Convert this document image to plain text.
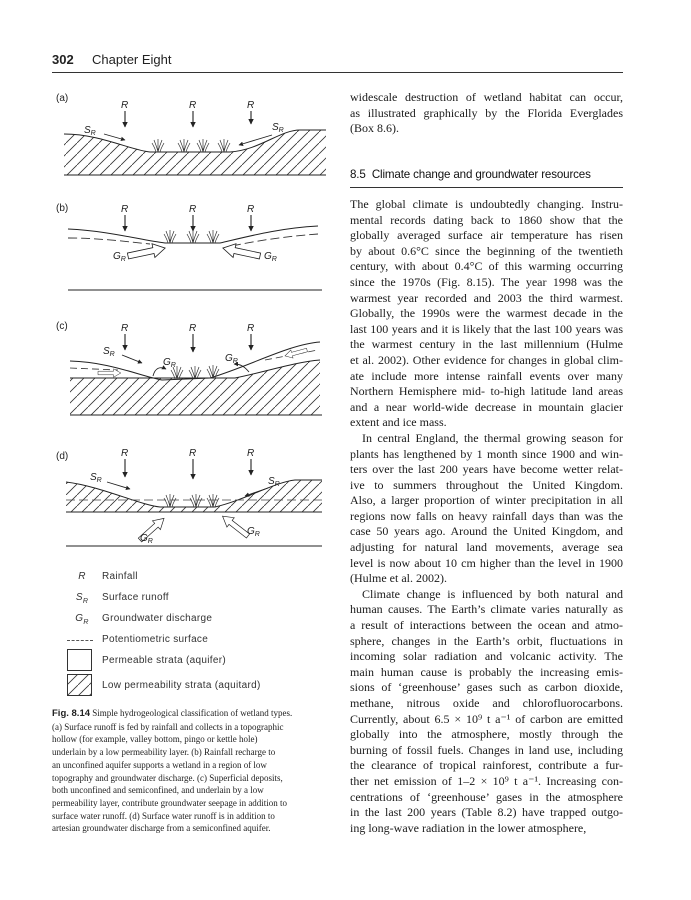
302 Chapter Eight
(a)
(b)
(c)
(d)
R	R	R
R	R	R
R	R	R
R	R	R
$S_R$
$S_R$
$S_R$
$S_R$	$S_R$
$G_R$	$G_R$
$G_R$
$G_R$
$G_R$
$G_R$
R	Rainfall
$S_R$	Surface runoff
$G_R$	Groundwater discharge
Potentiometric surface
Permeable strata (aquifer)
Low permeability strata (aquitard)
Fig. 8.14 Simple hydrogeological classification of wetland types.
(a) Surface runoff is fed by rainfall and collects in a topographic
hollow (for example, valley bottom, pingo or kettle hole)
underlain by a low permeability layer. (b) Rainfall recharge to
an unconfined aquifer supports a wetland in a region of low
topography and groundwater discharge. (c) Superficial deposits,
both unconfined and semiconfined, and underlain by a low
permeability layer, contribute groundwater seepage in addition to
surface water runoff. (d) Surface water runoff is in addition to
artesian groundwater discharge from a semiconfined aquifer.
widescale destruction of wetland habitat can occur,
as illustrated graphically by the Florida Everglades
(Box 8.6).
8.5 Climate change and groundwater resources
The global climate is undoubtedly changing. Instru-
mental records dating back to 1860 show that the
globally averaged surface air temperature has risen
by about 0.6°C since the beginning of the twentieth
century, with about 0.4°C of this warming occurring
since the 1970s (Fig. 8.15). The year 1998 was the
warmest year recorded and 2003 the third warmest.
Globally, the 1990s were the warmest decade in the
last 100 years and it is likely that the last 100 years was
the warmest century in the last millennium (Hulme
et al. 2002). Other evidence for changes in global clim-
ate include more intense rainfall events over many
Northern Hemisphere mid- to-high latitude land areas
and a near world-wide decrease in mountain glacier
extent and ice mass.
In central England, the thermal growing season for
plants has lengthened by 1 month since 1900 and win-
ters over the last 200 years have become wetter relat-
ive to summers throughout the United Kingdom.
Also, a larger proportion of winter precipitation in all
regions now falls on heavy rainfall days than was the
case 50 years ago. Around the United Kingdom, and
adjusting for natural land movements, average sea
level is now about 10 cm higher than the level in 1900
(Hulme et al. 2002).
Climate change is influenced by both natural and
human causes. The Earth’s climate varies naturally as
a result of interactions between the ocean and atmo-
sphere, changes in the Earth’s orbit, fluctuations in
incoming solar radiation and volcanic activity. The
main human cause is probably the increasing emis-
sions of ‘greenhouse’ gases such as carbon dioxide,
methane, nitrous oxide and chlorofluorocarbons.
Currently, about 6.5 × 10⁹ t a⁻¹ of carbon are emitted
globally into the atmosphere, mostly through the
burning of fossil fuels. Changes in land use, including
the clearance of tropical rainforest, contribute a fur-
ther net emission of 1–2 × 10⁹ t a⁻¹. Increasing con-
centrations of ‘greenhouse’ gases in the atmosphere
in the last 200 years (Table 8.2) have trapped outgo-
ing long-wave radiation in the lower atmosphere,
